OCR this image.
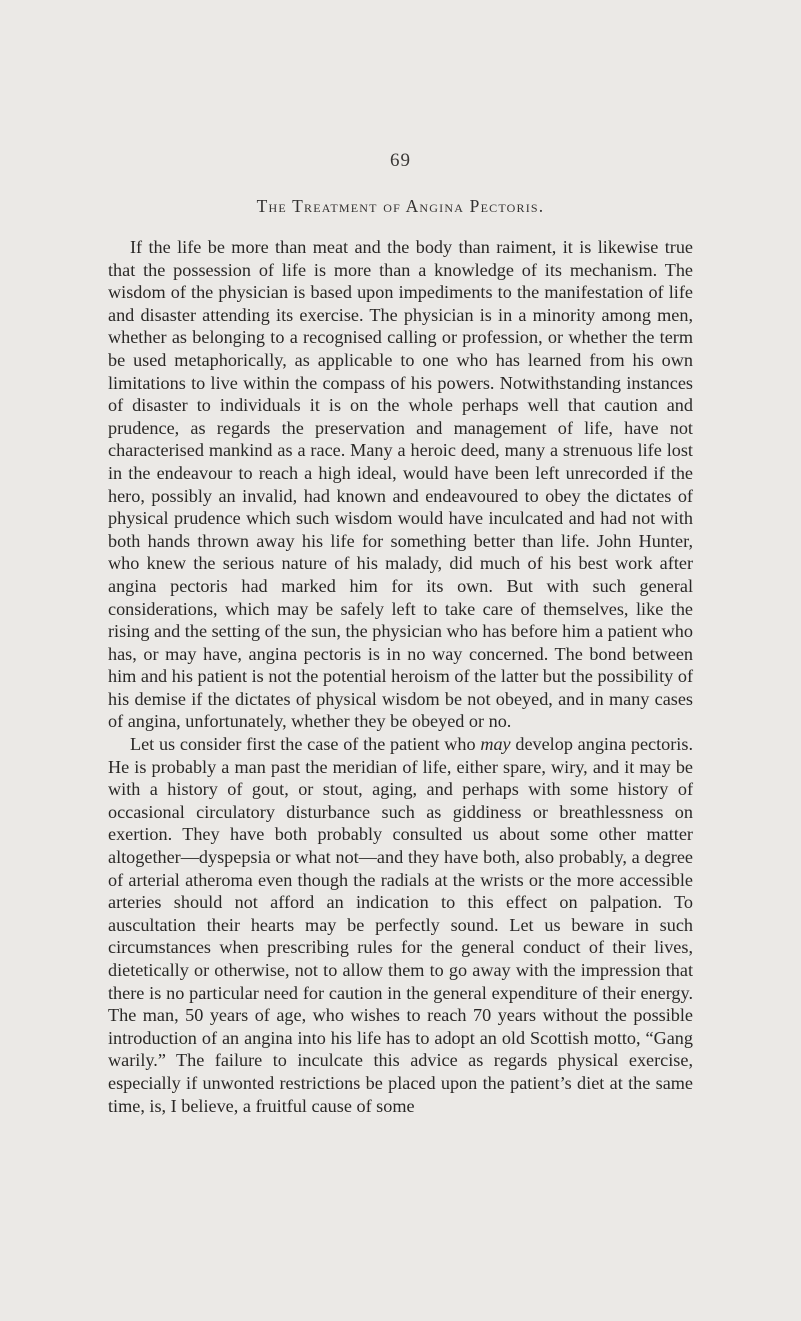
69
The Treatment of Angina Pectoris.

If the life be more than meat and the body than raiment, it is likewise true that the possession of life is more than a knowledge of its mechanism. The wisdom of the physician is based upon impediments to the manifestation of life and disaster attending its exercise. The physician is in a minority among men, whether as belonging to a recognised calling or profession, or whether the term be used metaphorically, as applicable to one who has learned from his own limitations to live within the compass of his powers. Notwithstanding instances of disaster to individuals it is on the whole perhaps well that caution and prudence, as regards the preservation and management of life, have not characterised mankind as a race. Many a heroic deed, many a strenuous life lost in the endeavour to reach a high ideal, would have been left unrecorded if the hero, possibly an invalid, had known and endeavoured to obey the dictates of physical prudence which such wisdom would have inculcated and had not with both hands thrown away his life for something better than life. John Hunter, who knew the serious nature of his malady, did much of his best work after angina pectoris had marked him for its own. But with such general considerations, which may be safely left to take care of themselves, like the rising and the setting of the sun, the physician who has before him a patient who has, or may have, angina pectoris is in no way concerned. The bond between him and his patient is not the potential heroism of the latter but the possibility of his demise if the dictates of physical wisdom be not obeyed, and in many cases of angina, unfortunately, whether they be obeyed or no.

Let us consider first the case of the patient who may develop angina pectoris. He is probably a man past the meridian of life, either spare, wiry, and it may be with a history of gout, or stout, aging, and perhaps with some history of occasional circulatory disturbance such as giddiness or breathlessness on exertion. They have both probably consulted us about some other matter altogether—dyspepsia or what not—and they have both, also probably, a degree of arterial atheroma even though the radials at the wrists or the more accessible arteries should not afford an indication to this effect on palpation. To auscultation their hearts may be perfectly sound. Let us beware in such circumstances when prescribing rules for the general conduct of their lives, dietetically or otherwise, not to allow them to go away with the impression that there is no particular need for caution in the general expenditure of their energy. The man, 50 years of age, who wishes to reach 70 years without the possible introduction of an angina into his life has to adopt an old Scottish motto, “Gang warily.” The failure to inculcate this advice as regards physical exercise, especially if unwonted restrictions be placed upon the patient’s diet at the same time, is, I believe, a fruitful cause of some
